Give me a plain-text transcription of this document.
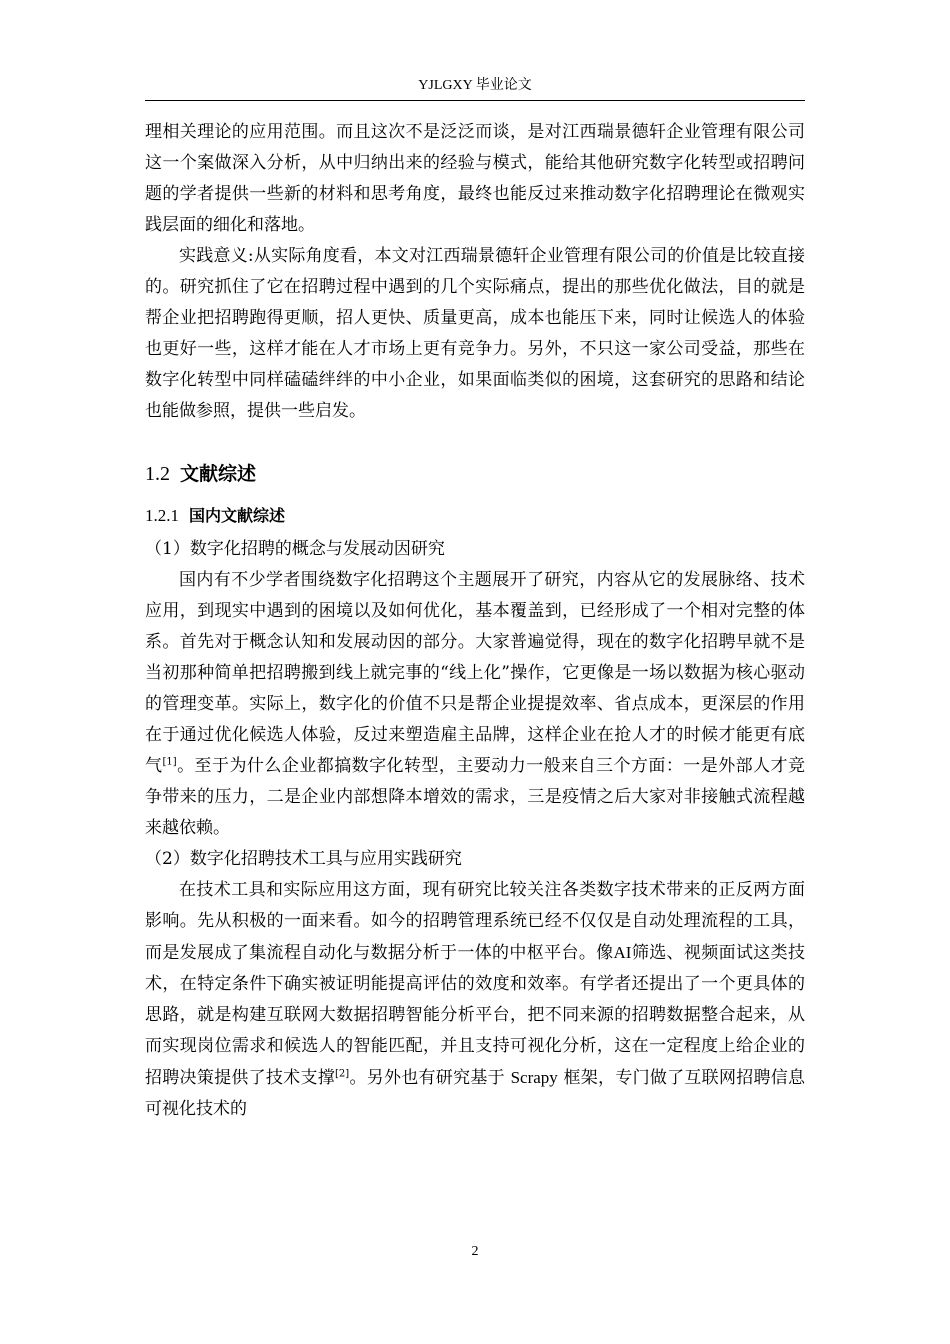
YJLGXY 毕业论文

理相关理论的应用范围。而且这次不是泛泛而谈，是对江西瑞景德轩企业管理有限公司这一个案做深入分析，从中归纳出来的经验与模式，能给其他研究数字化转型或招聘问题的学者提供一些新的材料和思考角度，最终也能反过来推动数字化招聘理论在微观实践层面的细化和落地。

实践意义:从实际角度看，本文对江西瑞景德轩企业管理有限公司的价值是比较直接的。研究抓住了它在招聘过程中遇到的几个实际痛点，提出的那些优化做法，目的就是帮企业把招聘跑得更顺，招人更快、质量更高，成本也能压下来，同时让候选人的体验也更好一些，这样才能在人才市场上更有竞争力。另外，不只这一家公司受益，那些在数字化转型中同样磕磕绊绊的中小企业，如果面临类似的困境，这套研究的思路和结论也能做参照，提供一些启发。

1.2 文献综述

1.2.1 国内文献综述

（1）数字化招聘的概念与发展动因研究

国内有不少学者围绕数字化招聘这个主题展开了研究，内容从它的发展脉络、技术应用，到现实中遇到的困境以及如何优化，基本覆盖到，已经形成了一个相对完整的体系。首先对于概念认知和发展动因的部分。大家普遍觉得，现在的数字化招聘早就不是当初那种简单把招聘搬到线上就完事的“线上化”操作，它更像是一场以数据为核心驱动的管理变革。实际上，数字化的价值不只是帮企业提提效率、省点成本，更深层的作用在于通过优化候选人体验，反过来塑造雇主品牌，这样企业在抢人才的时候才能更有底气[1]。至于为什么企业都搞数字化转型，主要动力一般来自三个方面：一是外部人才竞争带来的压力，二是企业内部想降本增效的需求，三是疫情之后大家对非接触式流程越来越依赖。

（2）数字化招聘技术工具与应用实践研究

在技术工具和实际应用这方面，现有研究比较关注各类数字技术带来的正反两方面影响。先从积极的一面来看。如今的招聘管理系统已经不仅仅是自动处理流程的工具，而是发展成了集流程自动化与数据分析于一体的中枢平台。像AI筛选、视频面试这类技术，在特定条件下确实被证明能提高评估的效度和效率。有学者还提出了一个更具体的思路，就是构建互联网大数据招聘智能分析平台，把不同来源的招聘数据整合起来，从而实现岗位需求和候选人的智能匹配，并且支持可视化分析，这在一定程度上给企业的招聘决策提供了技术支撑[2]。另外也有研究基于 Scrapy 框架，专门做了互联网招聘信息可视化技术的

2
